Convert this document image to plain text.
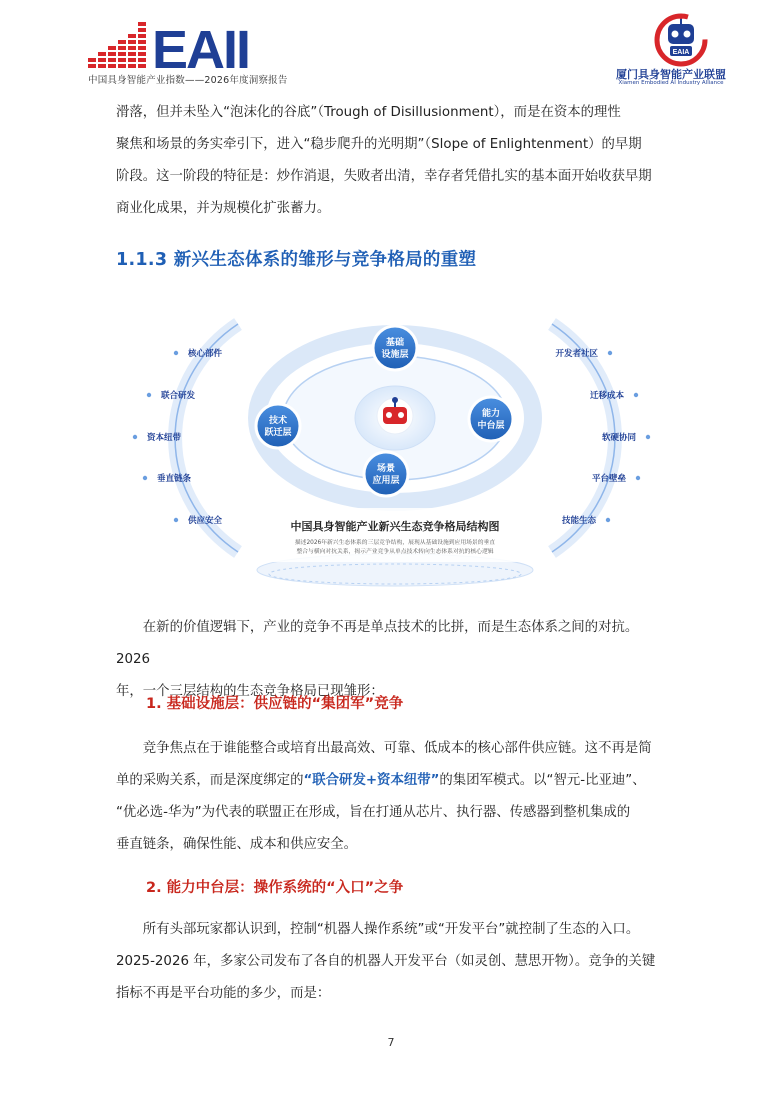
EAII
中国具身智能产业指数——2026年度洞察报告
EAIA
厦门具身智能产业联盟
Xiamen Embodied AI Industry Alliance

滑落，但并未坠入“泡沫化的谷底”（Trough of Disillusionment），而是在资本的理性

聚焦和场景的务实牵引下，进入“稳步爬升的光明期”（Slope of Enlightenment）的早期

阶段。这一阶段的特征是：炒作消退，失败者出清，幸存者凭借扎实的基本面开始收获早期

商业化成果，并为规模化扩张蓄力。

1.1.3 新兴生态体系的雏形与竞争格局的重塑
核心部件
联合研发
资本纽带
垂直链条
供应安全
开发者社区
迁移成本
软硬协同
平台壁垒
技能生态
基础
设施层
技术
跃迁层
能力
中台层
场景
应用层
中国具身智能产业新兴生态竞争格局结构图
描述2026年新兴生态体系的三层竞争结构，展现从基础设施到应用场景的垂直
整合与横向对抗关系，揭示产业竞争从单点技术转向生态体系对抗的核心逻辑

在新的价值逻辑下，产业的竞争不再是单点技术的比拼，而是生态体系之间的对抗。2026

年，一个三层结构的生态竞争格局已现雏形：

1. 基础设施层：供应链的“集团军”竞争

竞争焦点在于谁能整合或培育出最高效、可靠、低成本的核心部件供应链。这不再是简

单的采购关系，而是深度绑定的“联合研发+资本纽带”的集团军模式。以“智元-比亚迪”、

“优必选-华为”为代表的联盟正在形成，旨在打通从芯片、执行器、传感器到整机集成的

垂直链条，确保性能、成本和供应安全。

2. 能力中台层：操作系统的“入口”之争

所有头部玩家都认识到，控制“机器人操作系统”或“开发平台”就控制了生态的入口。

2025-2026 年，多家公司发布了各自的机器人开发平台（如灵创、慧思开物）。竞争的关键

指标不再是平台功能的多少，而是：

7
